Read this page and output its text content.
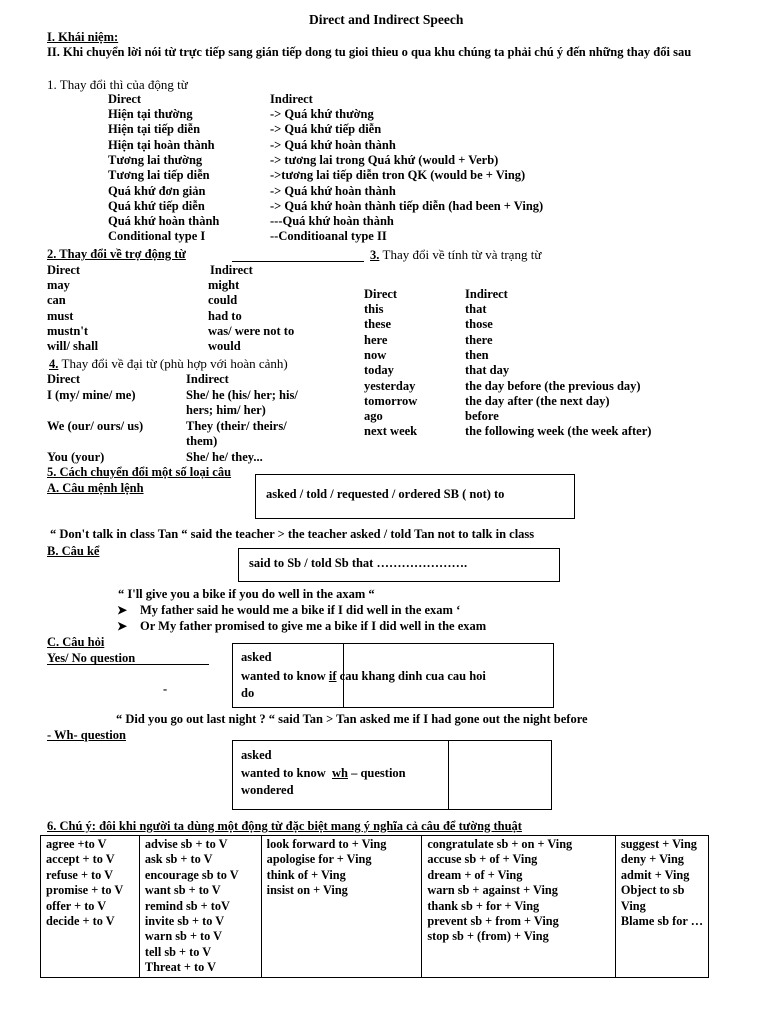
Direct and Indirect Speech
I. Khái niệm:
II. Khi chuyển lời nói từ trực tiếp sang gián tiếp dong tu gioi thieu o qua khu chúng ta phải chú ý đến những thay đổi sau
1. Thay đổi thì của động từ
Direct	Indirect
2. Thay đổi về trợ động từ
Direct	Indirect
3. Thay đổi về tính từ và trạng từ
Direct	Indirect
4. Thay đổi về đại từ (phù hợp với hoàn cảnh)
Direct	Indirect
I (my/ mine/ me)	She/ he (his/ her; his/
hers; him/ her)
We (our/ ours/ us)	They (their/ theirs/
them)
You (your)	She/ he/ they...
5. Cách chuyển đổi một số loại câu
A. Câu mệnh lệnh	asked / told / requested / ordered SB ( not) to
“ Don't talk in class Tan “ said the teacher > the teacher asked / told Tan not to talk in class
B. Câu kể
said to Sb / told Sb that ………………….
“ I'll give you a bike if you do well in the axam “
➤ My father said he would me a bike if I did well in the exam ‘
➤ Or My father promised to give me a bike if I did well in the exam
C. Câu hỏi
Yes/ No question
-
asked
wanted to know if cau khang dinh cua cau hoi
do
“ Did you go out last night ? “ said Tan > Tan asked me if I had gone out the night before
- Wh- question
asked
wanted to know wh – question
wondered
6. Chú ý: đôi khi người ta dùng một động từ đặc biệt mang ý nghĩa cả câu để tường thuật
agree +to V
accept + to V
refuse + to V
promise + to V
offer + to V
decide + to V

advise sb + to V
ask sb + to V
encourage sb to V
want sb + to V
remind sb + toV
invite sb + to V
warn sb + to V
tell sb + to V
Threat + to V

look forward to + Ving
apologise for + Ving
think of + Ving
insist on + Ving

congratulate sb + on + Ving
accuse sb + of + Ving
dream + of + Ving
warn sb + against + Ving
thank sb + for + Ving
prevent sb + from + Ving
stop sb + (from) + Ving

suggest + Ving
deny + Ving
admit + Ving
Object to sb
Ving
Blame sb for …
Hiện tại thường	-> Quá khứ thường
Hiện tại tiếp diễn	-> Quá khứ tiếp diễn
Hiện tại hoàn thành	-> Quá khứ hoàn thành
Tương lai thường	-> tương lai trong Quá khứ (would + Verb)
Tương lai tiếp diễn	->tương lai tiếp diễn tron QK (would be + Ving)
Quá khứ đơn giản	-> Quá khứ hoàn thành
Quá khứ tiếp diễn	-> Quá khứ hoàn thành tiếp diễn (had been + Ving)
Quá khứ hoàn thành	---Quá khứ hoàn thành
Conditional type I	--Conditioanal type II
may	might
can	could
must	had to
mustn't	was/ were not to
will/ shall	would
this	that
these	those
here	there
now	then
today	that day
yesterday	the day before (the previous day)
tomorrow	the day after (the next day)
ago	before
next week	the following week (the week after)
